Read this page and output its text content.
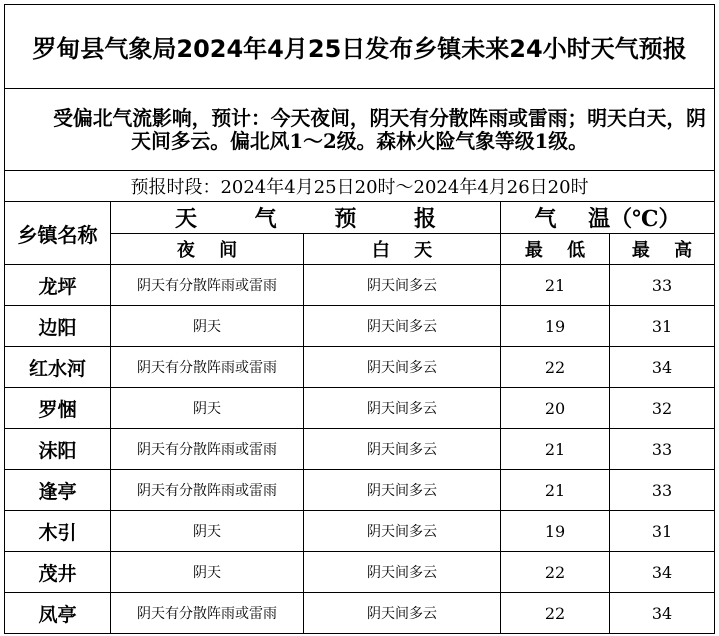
罗甸县气象局2024年4月25日发布乡镇未来24小时天气预报				
受偏北气流影响，预计：今天夜间，阴天有分散阵雨或雷雨；明天白天，阴天间多云。偏北风1～2级。森林火险气象等级1级。				
预报时段：2024年4月25日20时～2024年4月26日20时				
乡镇名称	天 气 预 报		气 温（℃）	
	夜 间	白 天	最 低	最 高
龙坪	阴天有分散阵雨或雷雨	阴天间多云	21	33
边阳	阴天	阴天间多云	19	31
红水河	阴天有分散阵雨或雷雨	阴天间多云	22	34
罗悃	阴天	阴天间多云	20	32
沫阳	阴天有分散阵雨或雷雨	阴天间多云	21	33
逢亭	阴天有分散阵雨或雷雨	阴天间多云	21	33
木引	阴天	阴天间多云	19	31
茂井	阴天	阴天间多云	22	34
凤亭	阴天有分散阵雨或雷雨	阴天间多云	22	34
